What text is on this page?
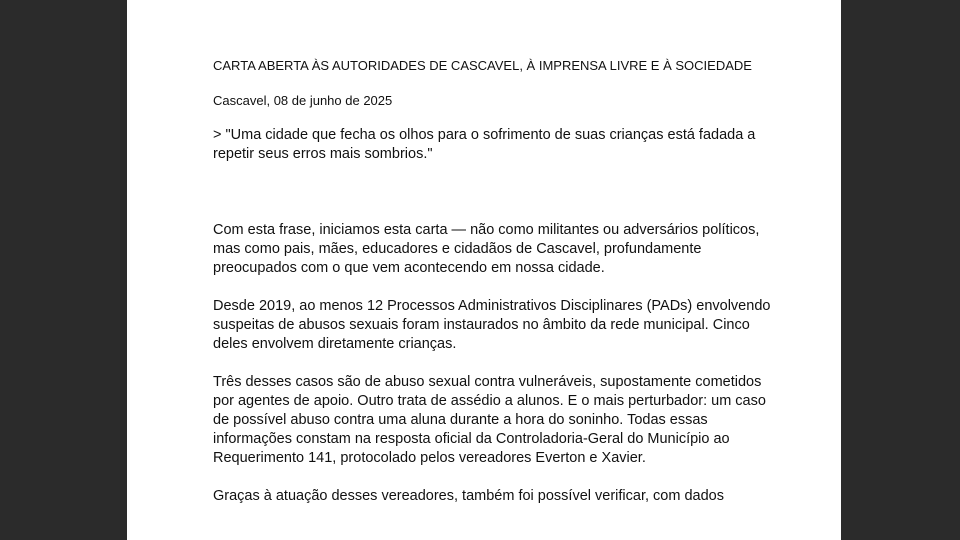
CARTA ABERTA ÀS AUTORIDADES DE CASCAVEL, À IMPRENSA LIVRE E À SOCIEDADE

Cascavel, 08 de junho de 2025

> "Uma cidade que fecha os olhos para o sofrimento de suas crianças está fadada a repetir seus erros mais sombrios."

Com esta frase, iniciamos esta carta — não como militantes ou adversários políticos, mas como pais, mães, educadores e cidadãos de Cascavel, profundamente preocupados com o que vem acontecendo em nossa cidade.

Desde 2019, ao menos 12 Processos Administrativos Disciplinares (PADs) envolvendo suspeitas de abusos sexuais foram instaurados no âmbito da rede municipal. Cinco deles envolvem diretamente crianças.

Três desses casos são de abuso sexual contra vulneráveis, supostamente cometidos por agentes de apoio. Outro trata de assédio a alunos. E o mais perturbador: um caso de possível abuso contra uma aluna durante a hora do soninho. Todas essas informações constam na resposta oficial da Controladoria-Geral do Município ao Requerimento 141, protocolado pelos vereadores Everton e Xavier.

Graças à atuação desses vereadores, também foi possível verificar, com dados
